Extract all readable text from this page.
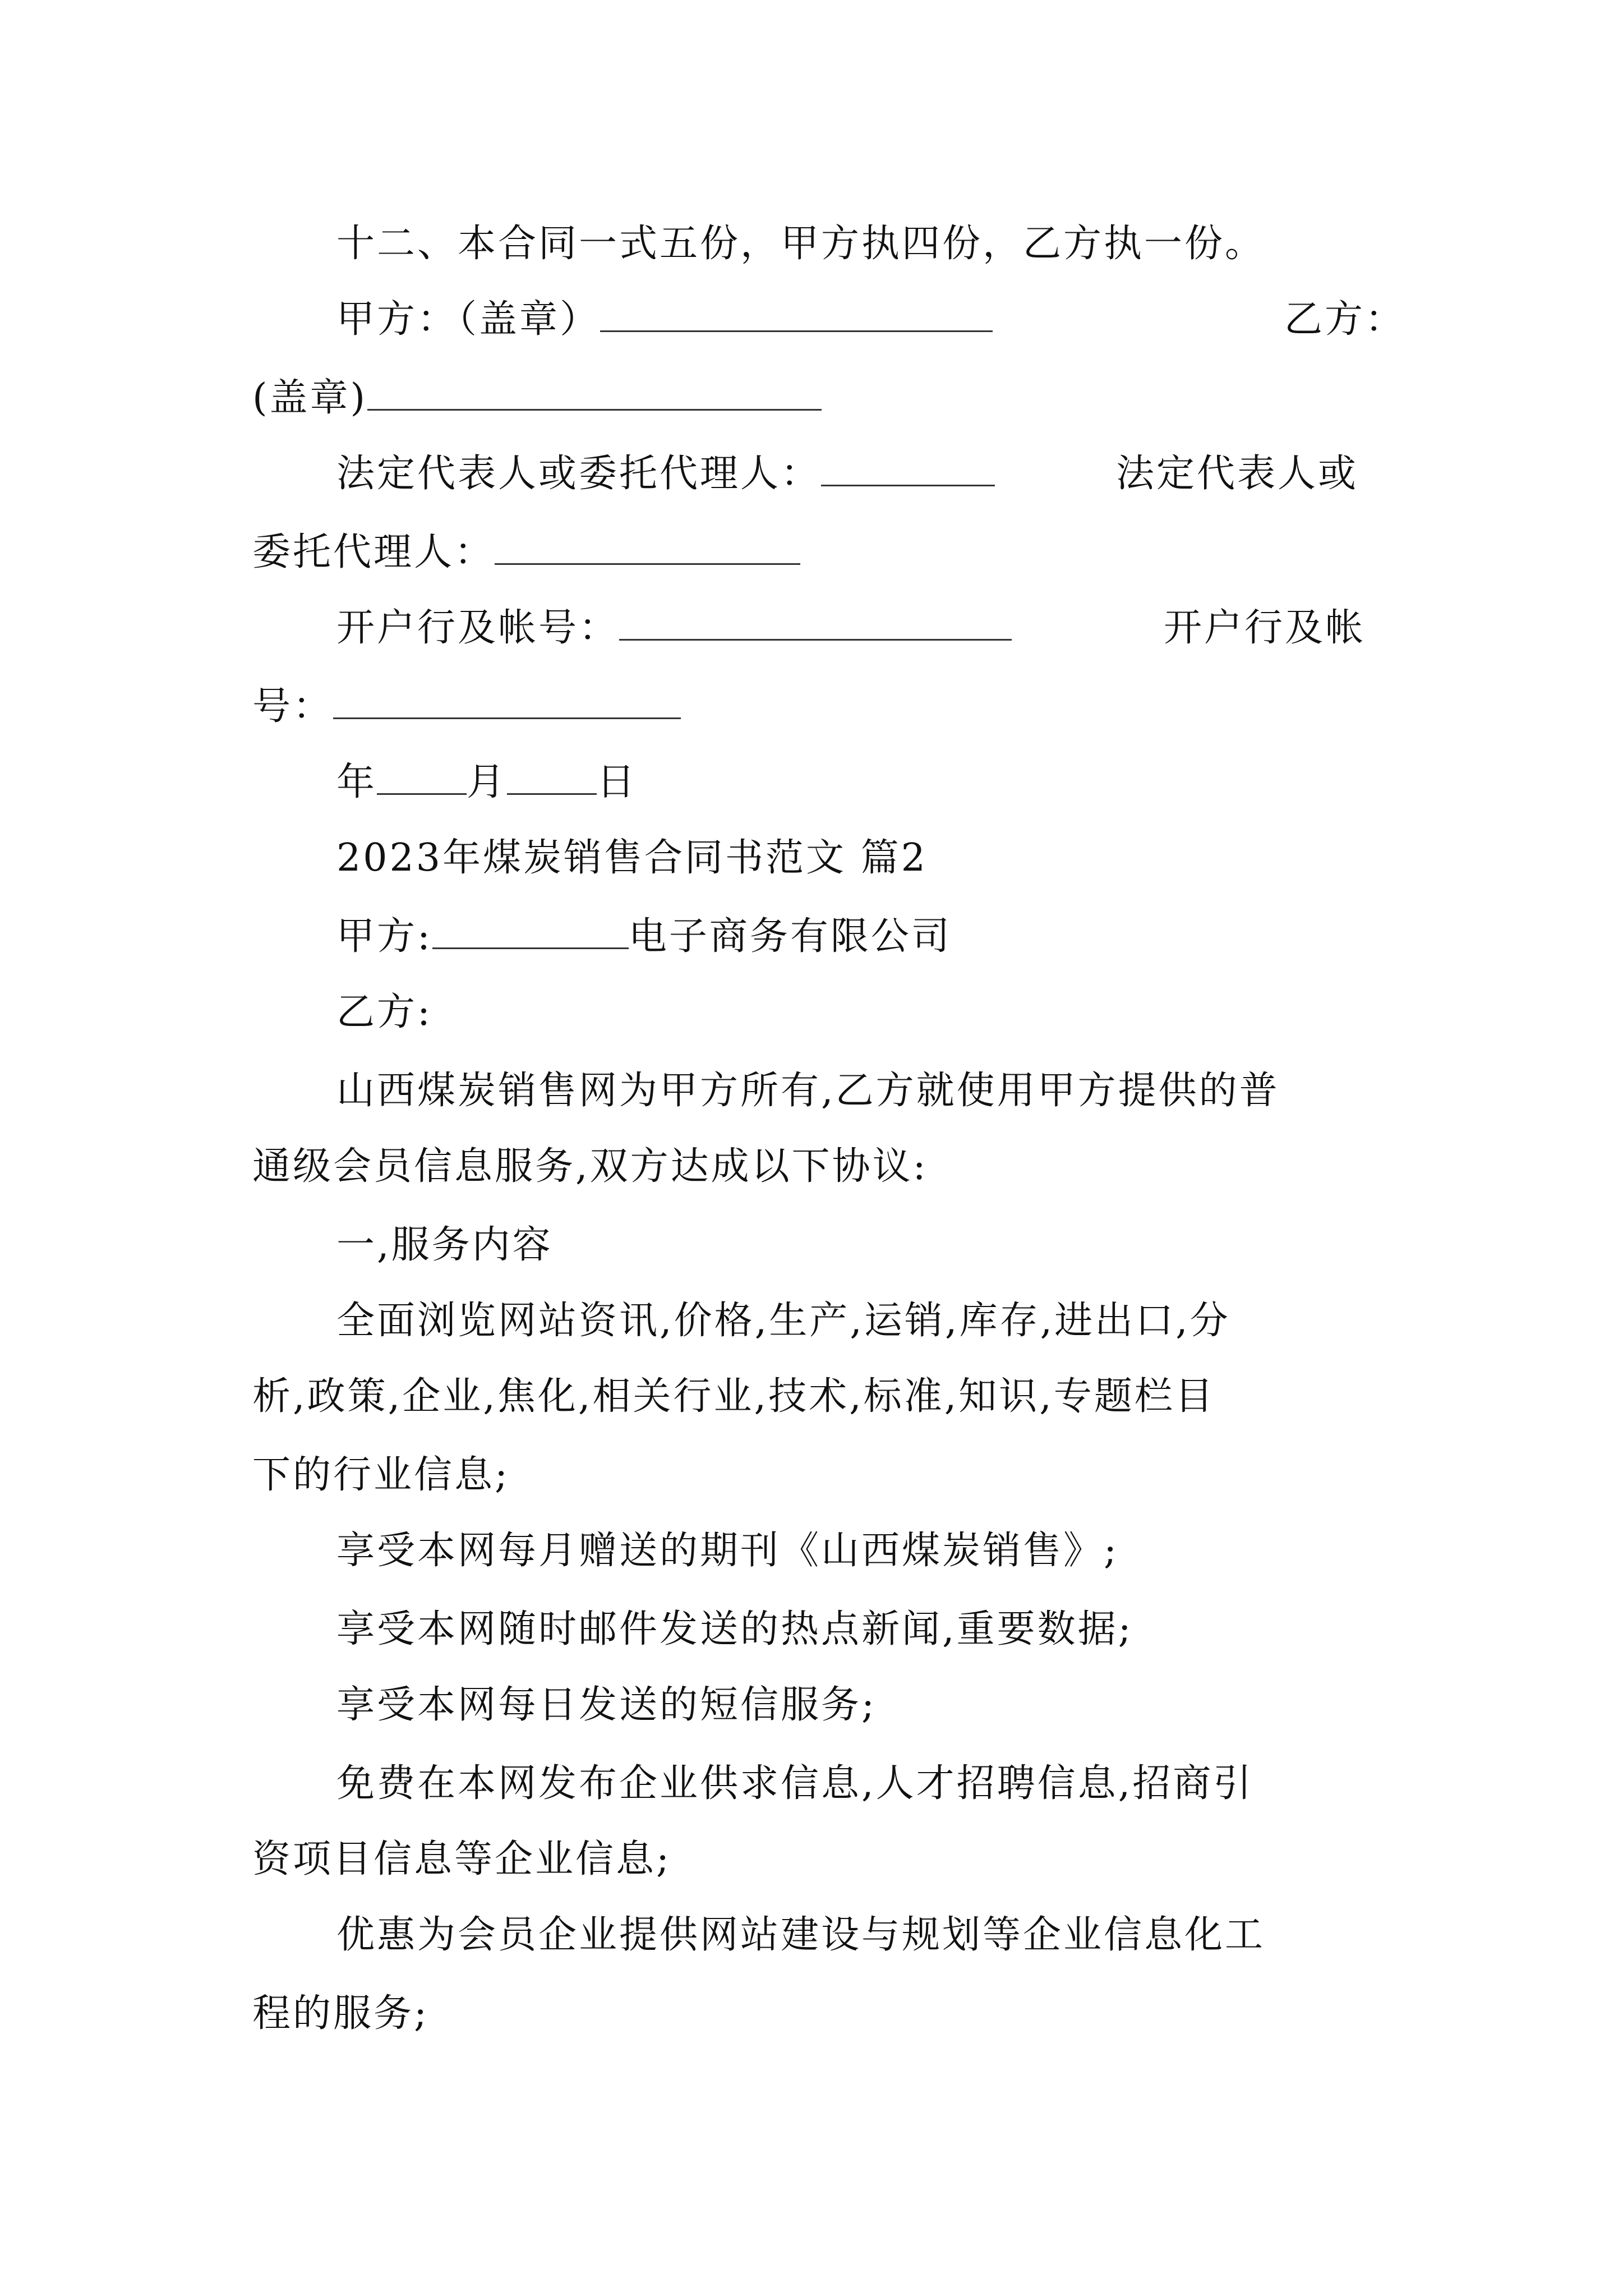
十二、本合同一式五份，甲方执四份，乙方执一份。
甲方：（盖章）	乙方：
(盖章)
法定代表人或委托代理人：	法定代表人或
委托代理人：
开户行及帐号：	开户行及帐
号：
年 月 日
2023年煤炭销售合同书范文 篇2
甲方:	电子商务有限公司
乙方:
山西煤炭销售网为甲方所有,乙方就使用甲方提供的普
通级会员信息服务,双方达成以下协议:
一,服务内容
全面浏览网站资讯,价格,生产,运销,库存,进出口,分
析,政策,企业,焦化,相关行业,技术,标准,知识,专题栏目
下的行业信息;
享受本网每月赠送的期刊《山西煤炭销售》;
享受本网随时邮件发送的热点新闻,重要数据;
享受本网每日发送的短信服务;
免费在本网发布企业供求信息,人才招聘信息,招商引
资项目信息等企业信息;
优惠为会员企业提供网站建设与规划等企业信息化工
程的服务;
